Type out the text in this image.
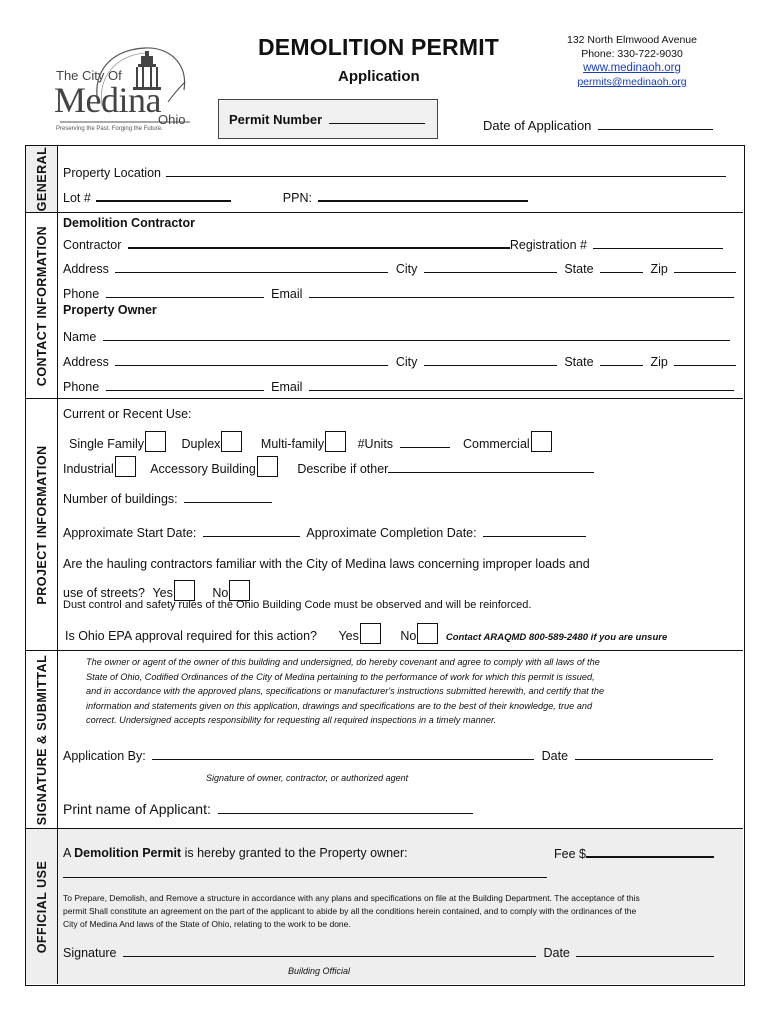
The City Of
Medina
Ohio
Preserving the Past. Forging the Future.
DEMOLITION PERMIT
Application
Permit Number	Date of Application
132 North Elmwood Avenue
Phone: 330-722-9030
www.medinaoh.org
permits@medinaoh.org
GENERAL Property Location
Lot #	PPN:
CONTACT INFORMATION
Demolition Contractor
Contractor	Registration #
Address	City	State	Zip
Phone	Email
Property Owner
Name
Address	City	State	Zip
Phone	Email
PROJECT INFORMATION
Current or Recent Use:
Single Family	Duplex	Multi-family	#Units	Commercial
Industrial	Accessory Building	Describe if other
Number of buildings:
Approximate Start Date:	Approximate Completion Date:
Are the hauling contractors familiar with the City of Medina laws concerning improper loads and
use of streets? Yes	No
Dust control and safety rules of the Ohio Building Code must be observed and will be reinforced.
Is Ohio EPA approval required for this action? Yes	No	Contact ARAQMD 800-589-2480 if you are unsure
SIGNATURE & SUBMITTAL	The owner or agent of the owner of this building and undersigned, do hereby covenant and agree to comply with all laws of the
State of Ohio, Codified Ordinances of the City of Medina pertaining to the performance of work for which this permit is issued,
and in accordance with the approved plans, specifications or manufacturer's instructions submitted herewith, and certify that the
information and statements given on this application, drawings and specifications are to the best of their knowledge, true and
correct. Undersigned accepts responsibility for requesting all required inspections in a timely manner.
Application By:	Date
Signature of owner, contractor, or authorized agent
Print name of Applicant:
OFFICIAL USE
A Demolition Permit is hereby granted to the Property owner:	Fee $
To Prepare, Demolish, and Remove a structure in accordance with any plans and specifications on file at the Building Department. The acceptance of this
permit Shall constitute an agreement on the part of the applicant to abide by all the conditions herein contained, and to comply with the ordinances of the
City of Medina And laws of the State of Ohio, relating to the work to be done.
Signature	Date
Building Official
